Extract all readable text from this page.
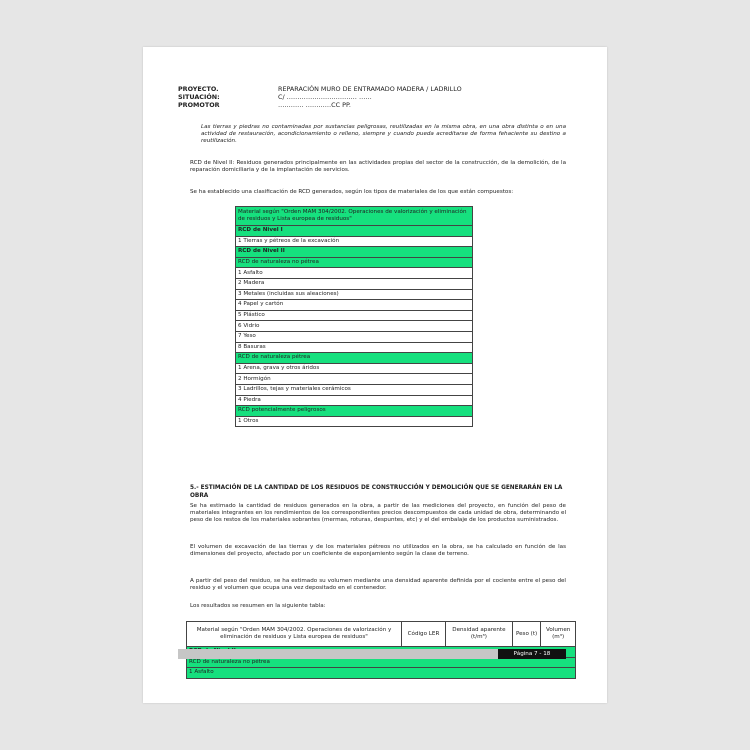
PROYECTO.	REPARACIÓN MURO DE ENTRAMADO MADERA / LADRILLO
SITUACIÓN:	C/ …………………………… ……
PROMOTOR	………… …………CC PP.

Las tierras y piedras no contaminadas por sustancias peligrosas, reutilizadas en la misma obra, en una obra distinta o en una actividad de restauración, acondicionamiento o relleno, siempre y cuando pueda acreditarse de forma fehaciente su destino a reutilización.

RCD de Nivel II: Residuos generados principalmente en las actividades propias del sector de la construcción, de la demolición, de la reparación domiciliaria y de la implantación de servicios.

Se ha establecido una clasificación de RCD generados, según los tipos de materiales de los que están compuestos:

Material según "Orden MAM 304/2002. Operaciones de valorización y eliminación de residuos y Lista europea de residuos"
RCD de Nivel I
1 Tierras y pétreos de la excavación
RCD de Nivel II
RCD de naturaleza no pétrea
1 Asfalto
2 Madera
3 Metales (incluidas sus aleaciones)
4 Papel y cartón
5 Plástico
6 Vidrio
7 Yeso
8 Basuras
RCD de naturaleza pétrea
1 Arena, grava y otros áridos
2 Hormigón
3 Ladrillos, tejas y materiales cerámicos
4 Piedra
RCD potencialmente peligrosos
1 Otros
5.- ESTIMACIÓN DE LA CANTIDAD DE LOS RESIDUOS DE CONSTRUCCIÓN Y DEMOLICIÓN QUE SE GENERARÁN EN LA OBRA

Se ha estimado la cantidad de residuos generados en la obra, a partir de las mediciones del proyecto, en función del peso de materiales integrantes en los rendimientos de los correspondientes precios descompuestos de cada unidad de obra, determinando el peso de los restos de los materiales sobrantes (mermas, roturas, despuntes, etc) y el del embalaje de los productos suministrados.

El volumen de excavación de las tierras y de los materiales pétreos no utilizados en la obra, se ha calculado en función de las dimensiones del proyecto, afectado por un coeficiente de esponjamiento según la clase de terreno.

A partir del peso del residuo, se ha estimado su volumen mediante una densidad aparente definida por el cociente entre el peso del residuo y el volumen que ocupa una vez depositado en el contenedor.

Los resultados se resumen en la siguiente tabla:

Material según "Orden MAM 304/2002. Operaciones de valorización y eliminación de residuos y Lista europea de residuos"	Código LER	Densidad aparente (t/m³)	Peso (t)	Volumen (m³)

RCD de naturaleza no pétrea
1 Asfalto
Página 7 - 18
